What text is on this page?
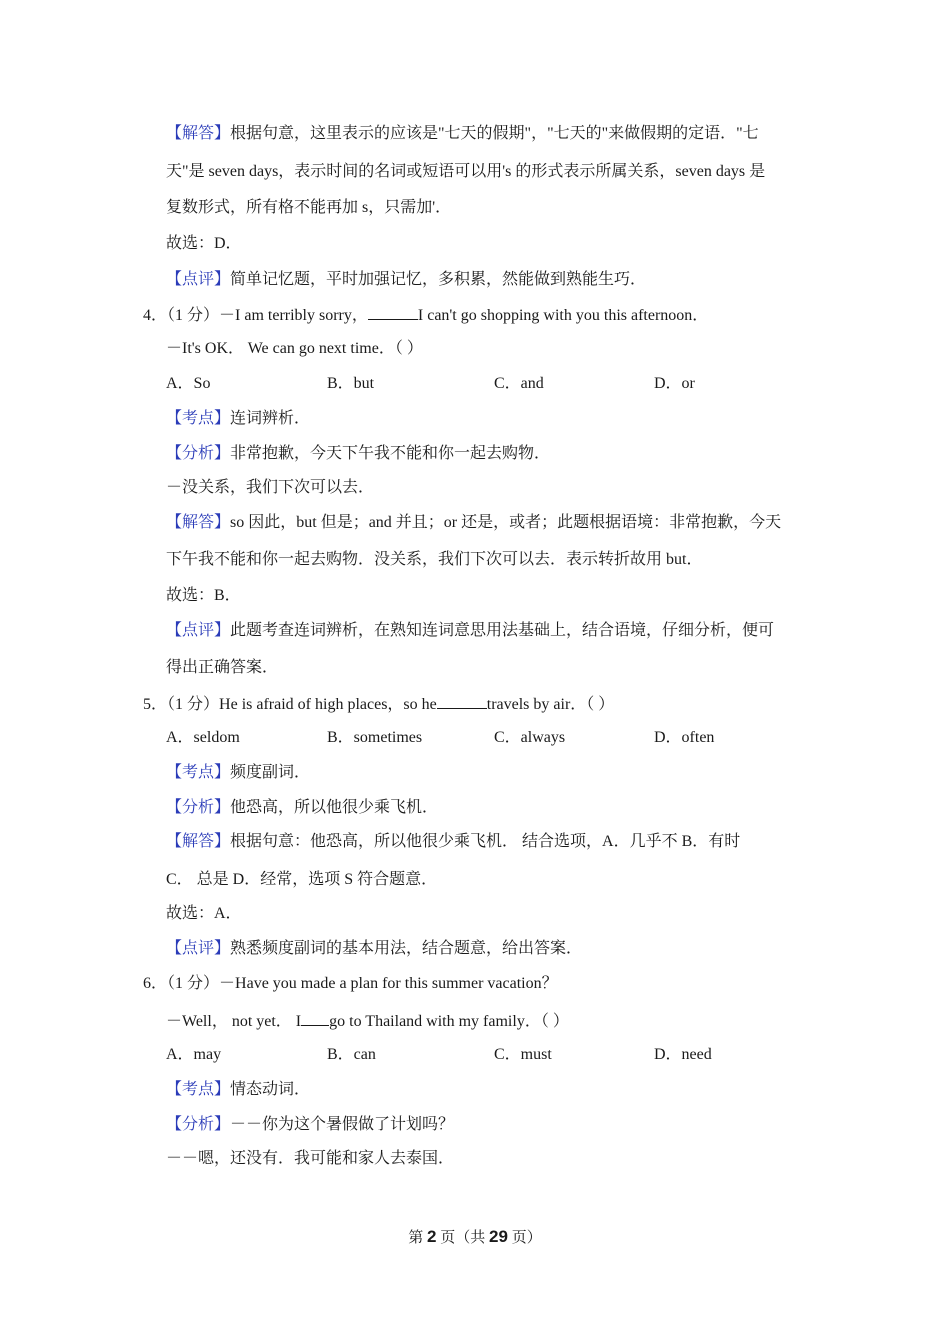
【解答】根据句意，这里表示的应该是"七天的假期"，"七天的"来做假期的定语．"七
天"是 seven days，表示时间的名词或短语可以用's 的形式表示所属关系，seven days 是
复数形式，所有格不能再加 s，只需加'．
故选：D．
【点评】简单记忆题，平时加强记忆，多积累，然能做到熟能生巧．
4．（1 分）－I am terribly sorry，	I can't go shopping with you this afternoon．
－It's OK． We can go next time．（ ）
A．So	B．but	C．and	D．or
【考点】连词辨析．
【分析】非常抱歉，今天下午我不能和你一起去购物．
－没关系，我们下次可以去．
【解答】so 因此，but 但是；and 并且；or 还是，或者；此题根据语境：非常抱歉，今天
下午我不能和你一起去购物．没关系，我们下次可以去．表示转折故用 but．
故选：B．
【点评】此题考查连词辨析，在熟知连词意思用法基础上，结合语境，仔细分析，便可
得出正确答案．
5．（1 分）He is afraid of high places，so he	travels by air．（ ）
A．seldom	B．sometimes	C．always	D．often
【考点】频度副词．
【分析】他恐高，所以他很少乘飞机．
【解答】根据句意：他恐高，所以他很少乘飞机． 结合选项，A．几乎不 B．有时
C． 总是 D．经常，选项 S 符合题意．
故选：A．
【点评】熟悉频度副词的基本用法，结合题意，给出答案．
6．（1 分）－Have you made a plan for this summer vacation？
－Well， not yet． I go to Thailand with my family．（ ）
A．may	B．can	C．must	D．need
【考点】情态动词．
【分析】－－你为这个暑假做了计划吗？
－－嗯，还没有．我可能和家人去泰国．
第 2 页（共 29 页）
